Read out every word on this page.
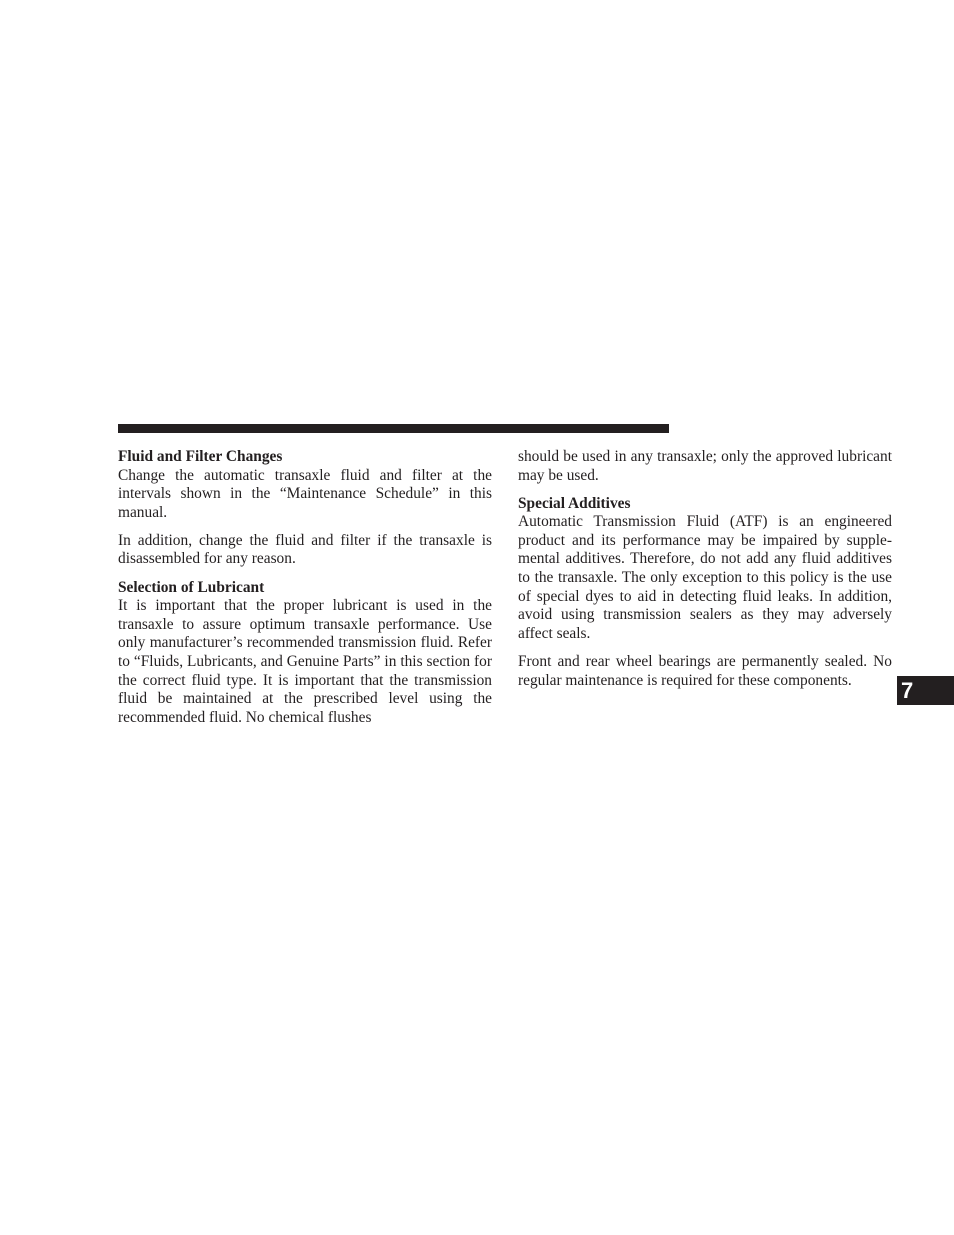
Fluid and Filter Changes

Change the automatic transaxle fluid and filter at the intervals shown in the “Maintenance Schedule” in this manual.

In addition, change the fluid and filter if the transaxle is disassembled for any reason.

Selection of Lubricant

It is important that the proper lubricant is used in the transaxle to assure optimum transaxle performance. Use only manufacturer’s recommended transmission fluid. Refer to “Fluids, Lubricants, and Genuine Parts” in this section for the correct fluid type. It is important that the transmission fluid be maintained at the prescribed level using the recommended fluid. No chemical flushes

should be used in any transaxle; only the approved lubricant may be used.

Special Additives

Automatic Transmission Fluid (ATF) is an engineered product and its performance may be impaired by supplemental additives. Therefore, do not add any fluid additives to the transaxle. The only exception to this policy is the use of special dyes to aid in detecting fluid leaks. In addition, avoid using transmission sealers as they may adversely affect seals.

Front and rear wheel bearings are permanently sealed. No regular maintenance is required for these components.	7
